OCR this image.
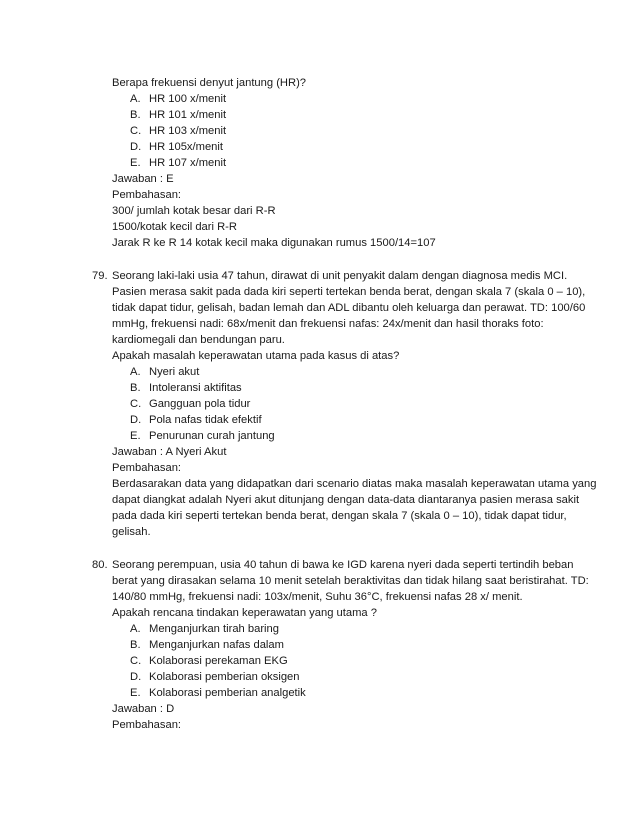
Berapa frekuensi denyut jantung (HR)?
A. HR 100 x/menit
B. HR 101 x/menit
C. HR 103 x/menit
D. HR 105x/menit
E. HR 107 x/menit
Jawaban : E
Pembahasan:
300/ jumlah kotak besar dari R-R
1500/kotak kecil dari R-R
Jarak R ke R 14 kotak kecil maka digunakan rumus 1500/14=107
79. Seorang laki-laki usia 47 tahun, dirawat di unit penyakit dalam dengan diagnosa medis MCI.
Pasien merasa sakit pada dada kiri seperti tertekan benda berat, dengan skala 7 (skala 0 – 10),
tidak dapat tidur, gelisah, badan lemah dan ADL dibantu oleh keluarga dan perawat. TD: 100/60
mmHg, frekuensi nadi: 68x/menit dan frekuensi nafas: 24x/menit dan hasil thoraks foto:
kardiomegali dan bendungan paru.
Apakah masalah keperawatan utama pada kasus di atas?
A. Nyeri akut
B. Intoleransi aktifitas
C. Gangguan pola tidur
D. Pola nafas tidak efektif
E. Penurunan curah jantung
Jawaban : A Nyeri Akut
Pembahasan:
Berdasarakan data yang didapatkan dari scenario diatas maka masalah keperawatan utama yang
dapat diangkat adalah Nyeri akut ditunjang dengan data-data diantaranya pasien merasa sakit
pada dada kiri seperti tertekan benda berat, dengan skala 7 (skala 0 – 10), tidak dapat tidur,
gelisah.
80. Seorang perempuan, usia 40 tahun di bawa ke IGD karena nyeri dada seperti tertindih beban
berat yang dirasakan selama 10 menit setelah beraktivitas dan tidak hilang saat beristirahat. TD:
140/80 mmHg, frekuensi nadi: 103x/menit, Suhu 36°C, frekuensi nafas 28 x/ menit.
Apakah rencana tindakan keperawatan yang utama ?
A. Menganjurkan tirah baring
B. Menganjurkan nafas dalam
C. Kolaborasi perekaman EKG
D. Kolaborasi pemberian oksigen
E. Kolaborasi pemberian analgetik
Jawaban : D
Pembahasan:
